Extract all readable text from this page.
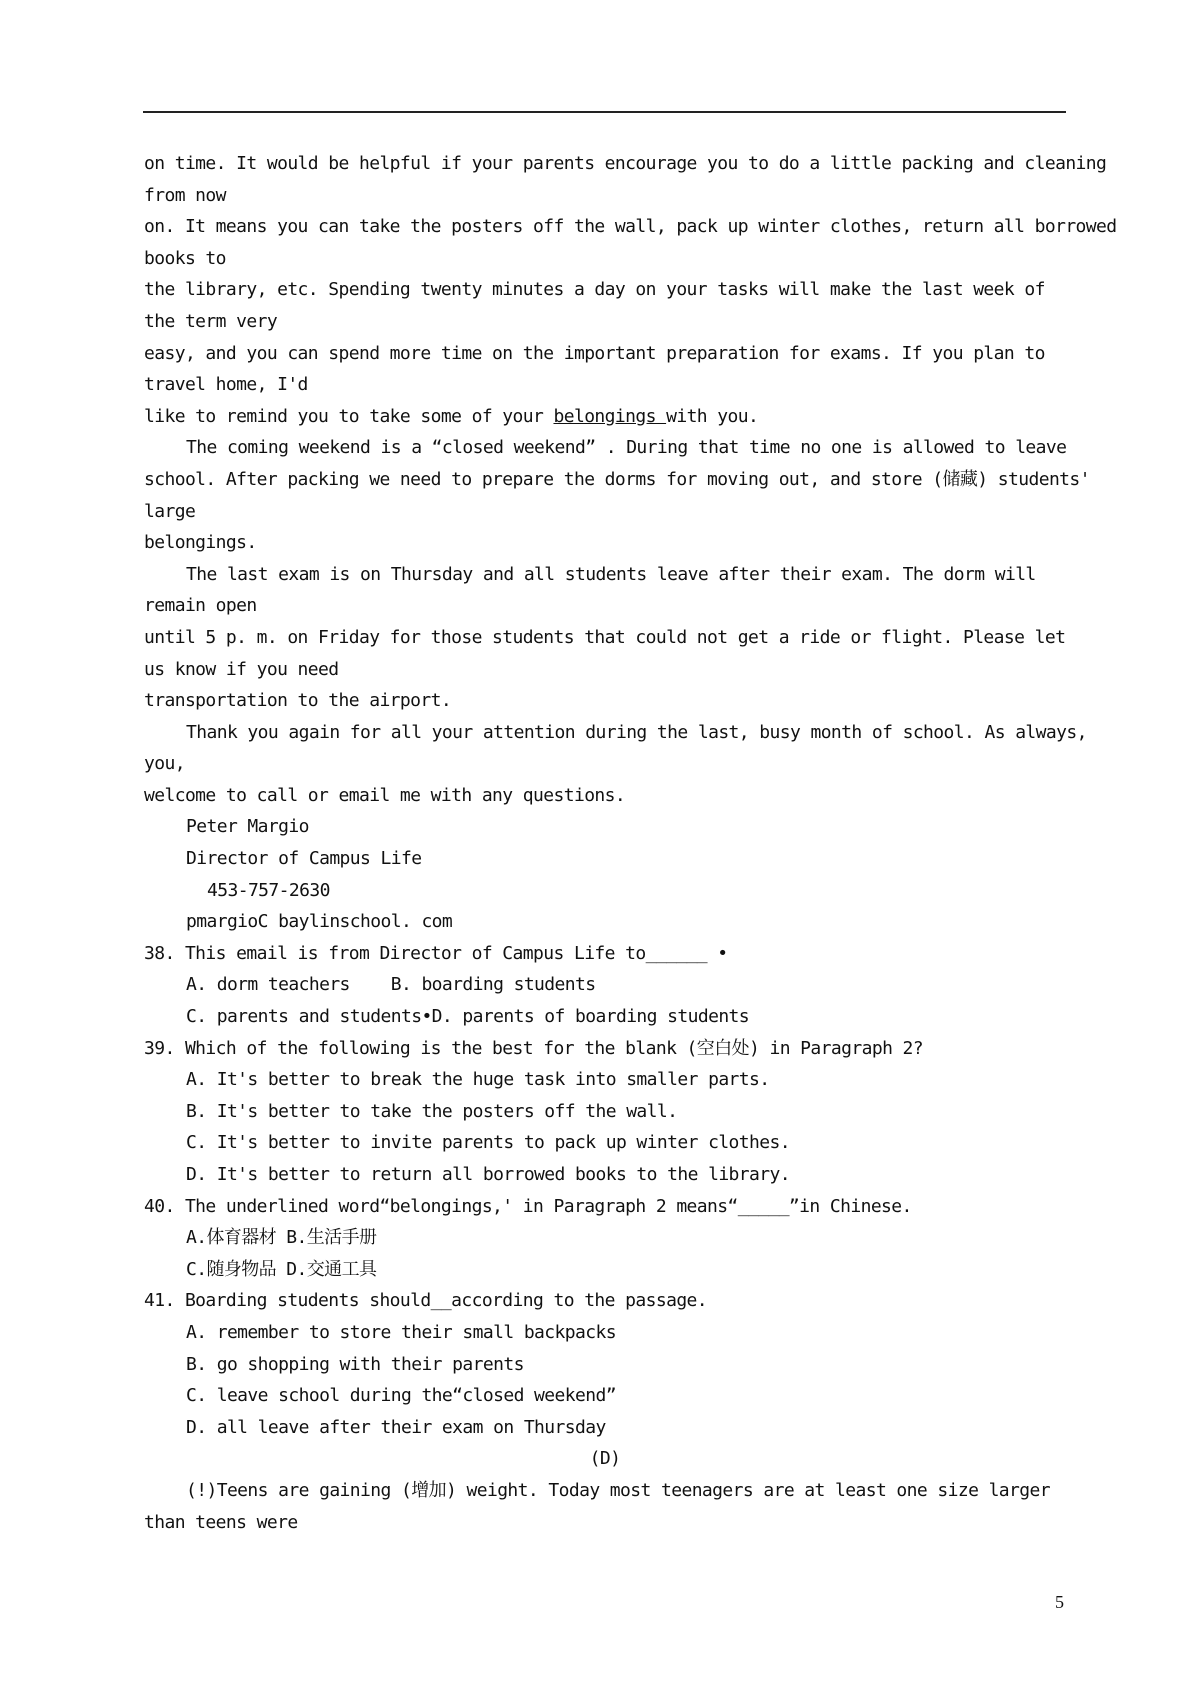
on time. It would be helpful if your parents encourage you to do a little packing and cleaning
from now
on. It means you can take the posters off the wall, pack up winter clothes, return all borrowed
books to
the library, etc. Spending twenty minutes a day on your tasks will make the last week of
the term very
easy, and you can spend more time on the important preparation for exams. If you plan to
travel home, I'd
like to remind you to take some of your belongings with you.
The coming weekend is a “closed weekend” . During that time no one is allowed to leave
school. After packing we need to prepare the dorms for moving out, and store (储藏) students'
large
belongings.
The last exam is on Thursday and all students leave after their exam. The dorm will
remain open
until 5 p. m. on Friday for those students that could not get a ride or flight. Please let
us know if you need
transportation to the airport.
Thank you again for all your attention during the last, busy month of school. As always,
you,
welcome to call or email me with any questions.
Peter Margio
Director of Campus Life
453-757-2630
pmargioC baylinschool. com
38. This email is from Director of Campus Life to______ •
A. dorm teachers    B. boarding students
C. parents and students•D. parents of boarding students
39. Which of the following is the best for the blank (空白处) in Paragraph 2?
A. It's better to break the huge task into smaller parts.
B. It's better to take the posters off the wall.
C. It's better to invite parents to pack up winter clothes.
D. It's better to return all borrowed books to the library.
40. The underlined word“belongings,' in Paragraph 2 means“_____”in Chinese.
A.体育器材 B.生活手册
C.随身物品 D.交通工具
41. Boarding students should__according to the passage.
A. remember to store their small backpacks
B. go shopping with their parents
C. leave school during the“closed weekend”
D. all leave after their exam on Thursday
(D)
(!)Teens are gaining (增加) weight. Today most teenagers are at least one size larger
than teens were
5
